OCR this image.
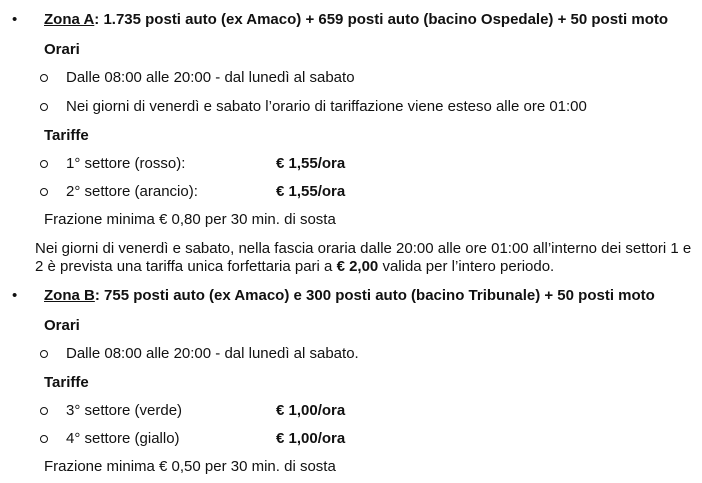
• Zona A: 1.735 posti auto (ex Amaco) + 659 posti auto (bacino Ospedale) + 50 posti moto
Orari
Dalle 08:00 alle 20:00 - dal lunedì al sabato
Nei giorni di venerdì e sabato l’orario di tariffazione viene esteso alle ore 01:00
Tariffe
1° settore (rosso):	€ 1,55/ora
2° settore (arancio):	€ 1,55/ora
Frazione minima € 0,80 per 30 min. di sosta
Nei giorni di venerdì e sabato, nella fascia oraria dalle 20:00 alle ore 01:00 all’interno dei settori 1 e 2 è prevista una tariffa unica forfettaria pari a € 2,00 valida per l’intero periodo.
• Zona B: 755 posti auto (ex Amaco) e 300 posti auto (bacino Tribunale) + 50 posti moto
Orari
Dalle 08:00 alle 20:00 - dal lunedì al sabato.
Tariffe
3° settore (verde)	€ 1,00/ora
4° settore (giallo)	€ 1,00/ora
Frazione minima € 0,50 per 30 min. di sosta
